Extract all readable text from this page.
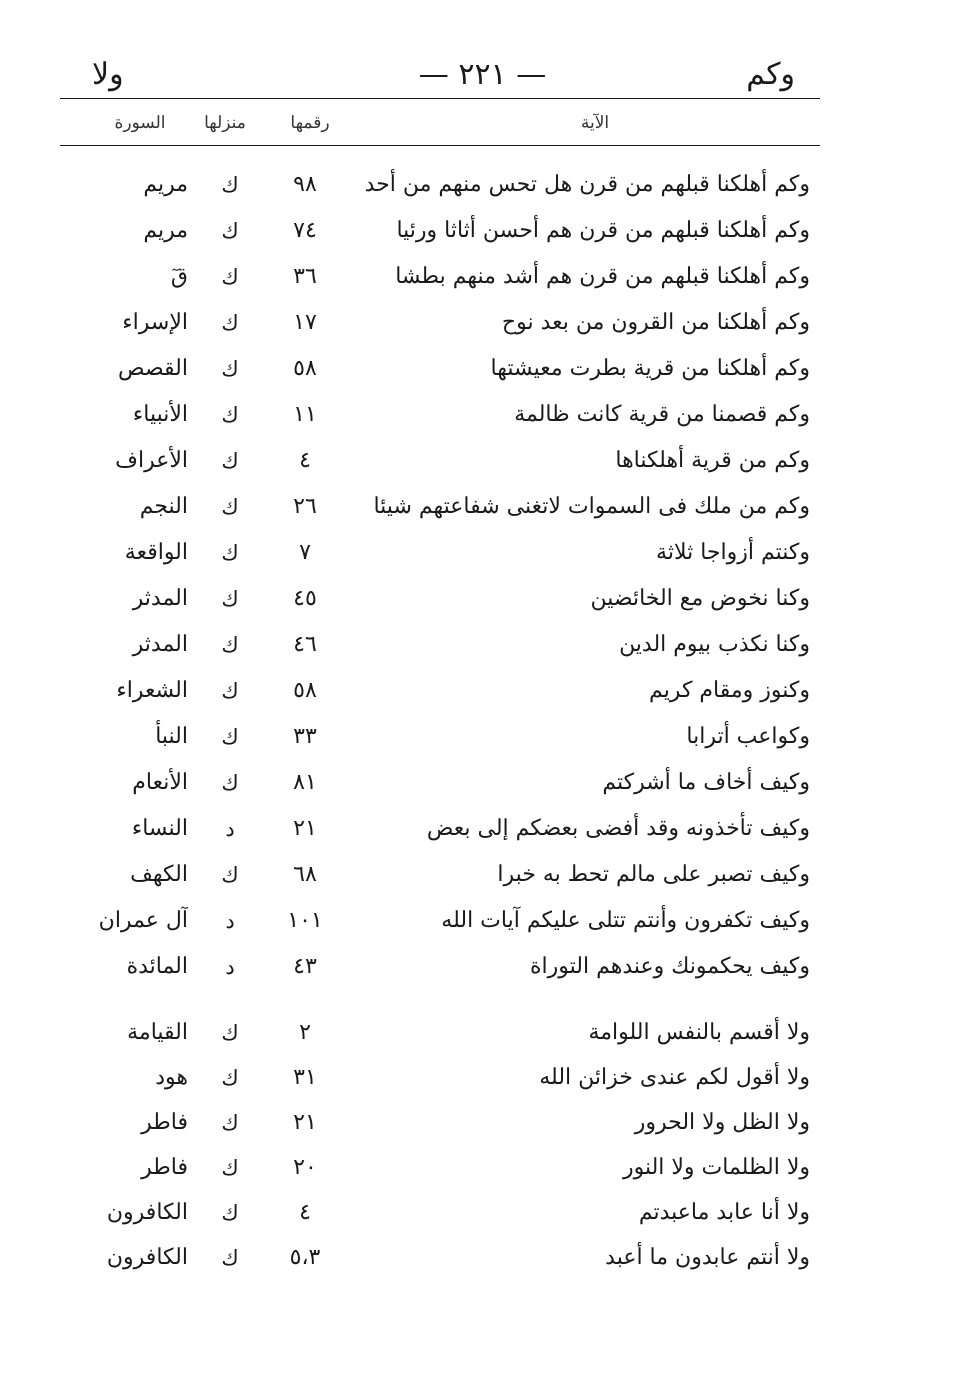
وكم
— ٢٢١ —
ولا
الآية
رقمها
منزلها
السورة
وكم أهلكنا قبلهم من قرن هل تحس منهم من أحد
٩٨
ك
مريم
وكم أهلكنا قبلهم من قرن هم أحسن أثاثا ورئيا
٧٤
ك
مريم
وكم أهلكنا قبلهم من قرن هم أشد منهم بطشا
٣٦
ك
قٓ
وكم أهلكنا من القرون من بعد نوح
١٧
ك
الإسراء
وكم أهلكنا من قرية بطرت معيشتها
٥٨
ك
القصص
وكم قصمنا من قرية كانت ظالمة
١١
ك
الأنبياء
وكم من قرية أهلكناها
٤
ك
الأعراف
وكم من ملك فى السموات لاتغنى شفاعتهم شيئا
٢٦
ك
النجم
وكنتم أزواجا ثلاثة
٧
ك
الواقعة
وكنا نخوض مع الخائضين
٤٥
ك
المدثر
وكنا نكذب بيوم الدين
٤٦
ك
المدثر
وكنوز ومقام كريم
٥٨
ك
الشعراء
وكواعب أترابا
٣٣
ك
النبأ
وكيف أخاف ما أشركتم
٨١
ك
الأنعام
وكيف تأخذونه وقد أفضى بعضكم إلى بعض
٢١
د
النساء
وكيف تصبر على مالم تحط به خبرا
٦٨
ك
الكهف
وكيف تكفرون وأنتم تتلى عليكم آيات الله
١٠١
د
آل عمران
وكيف يحكمونك وعندهم التوراة
٤٣
د
المائدة
ولا أقسم بالنفس اللوامة
٢
ك
القيامة
ولا أقول لكم عندى خزائن الله
٣١
ك
هود
ولا الظل ولا الحرور
٢١
ك
فاطر
ولا الظلمات ولا النور
٢٠
ك
فاطر
ولا أنا عابد ماعبدتم
٤
ك
الكافرون
ولا أنتم عابدون ما أعبد
٥،٣
ك
الكافرون
